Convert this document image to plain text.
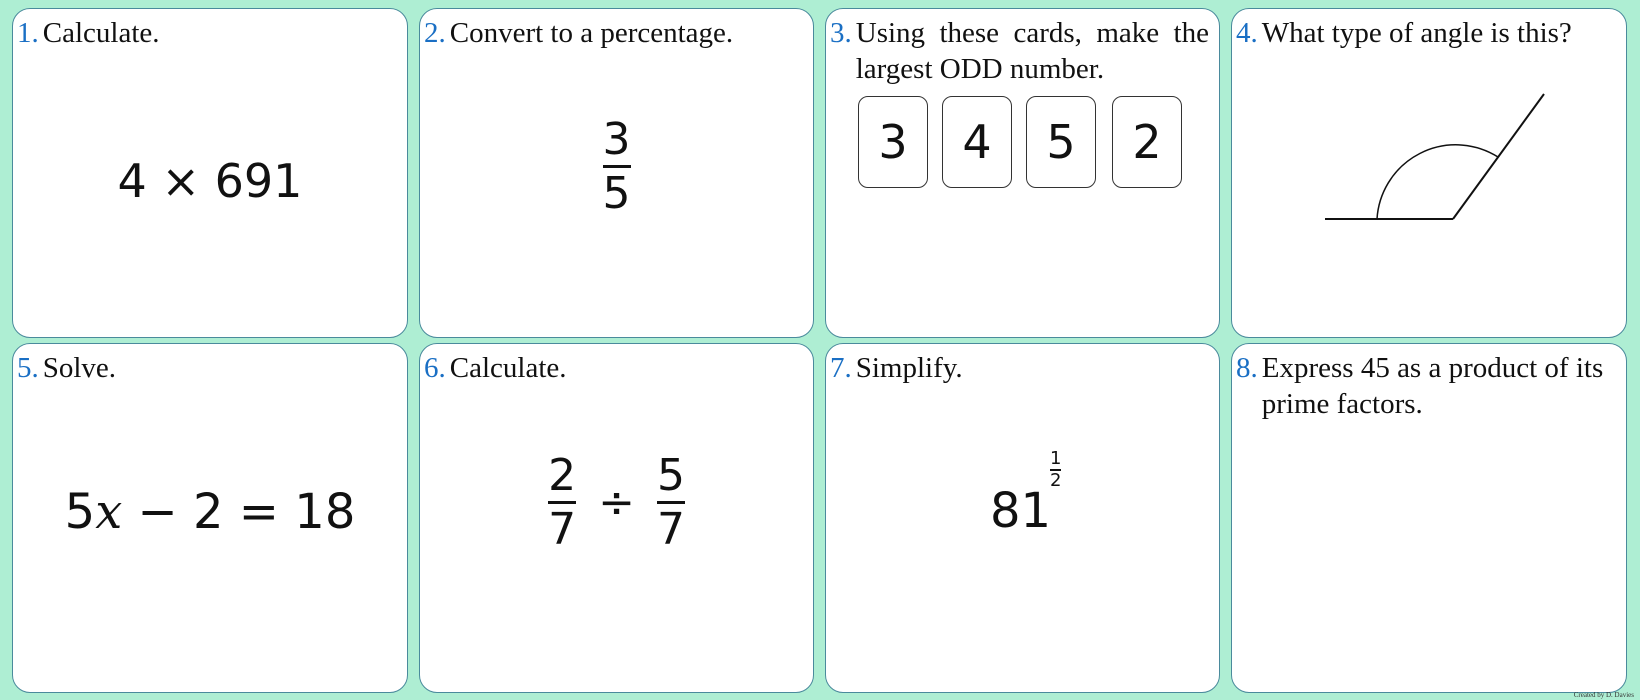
1. Calculate.
4 × 691
2. Convert to a percentage.
$\frac{3}{5}$
3. Using these cards, make the largest ODD number.
3	4	5	2
4. What type of angle is this?
5. Solve.
5x − 2 = 18
6. Calculate.
$\frac{2}{7} \div \frac{5}{7}$
7. Simplify.
81
1
2
8. Express 45 as a product of its prime factors.
Created by D. Davies
